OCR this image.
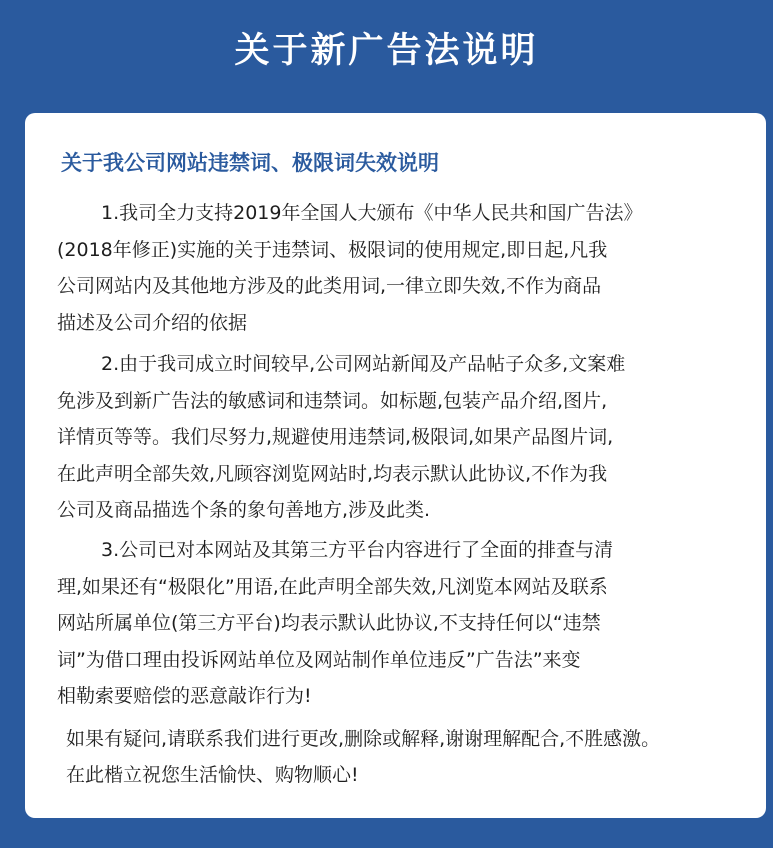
关于新广告法说明
关于我公司网站违禁词、极限词失效说明

1.我司全力支持2019年全国人大颁布《中华人民共和国广告法》
(2018年修正)实施的关于违禁词、极限词的使用规定,即日起,凡我
公司网站内及其他地方涉及的此类用词,一律立即失效,不作为商品
描述及公司介绍的依据

2.由于我司成立时间较早,公司网站新闻及产品帖子众多,文案难
免涉及到新广告法的敏感词和违禁词。如标题,包装产品介绍,图片,
详情页等等。我们尽努力,规避使用违禁词,极限词,如果产品图片词,
在此声明全部失效,凡顾容浏览网站时,均表示默认此协议,不作为我
公司及商品描选个条的象句善地方,涉及此类.

3.公司已对本网站及其第三方平台内容进行了全面的排查与清
理,如果还有“极限化”用语,在此声明全部失效,凡浏览本网站及联系
网站所属单位(第三方平台)均表示默认此协议,不支持任何以“违禁
词”为借口理由投诉网站单位及网站制作单位违反”广告法”来变
相勒索要赔偿的恶意敲诈行为!

如果有疑问,请联系我们进行更改,删除或解释,谢谢理解配合,不胜感激。
在此楷立祝您生活愉快、购物顺心!
